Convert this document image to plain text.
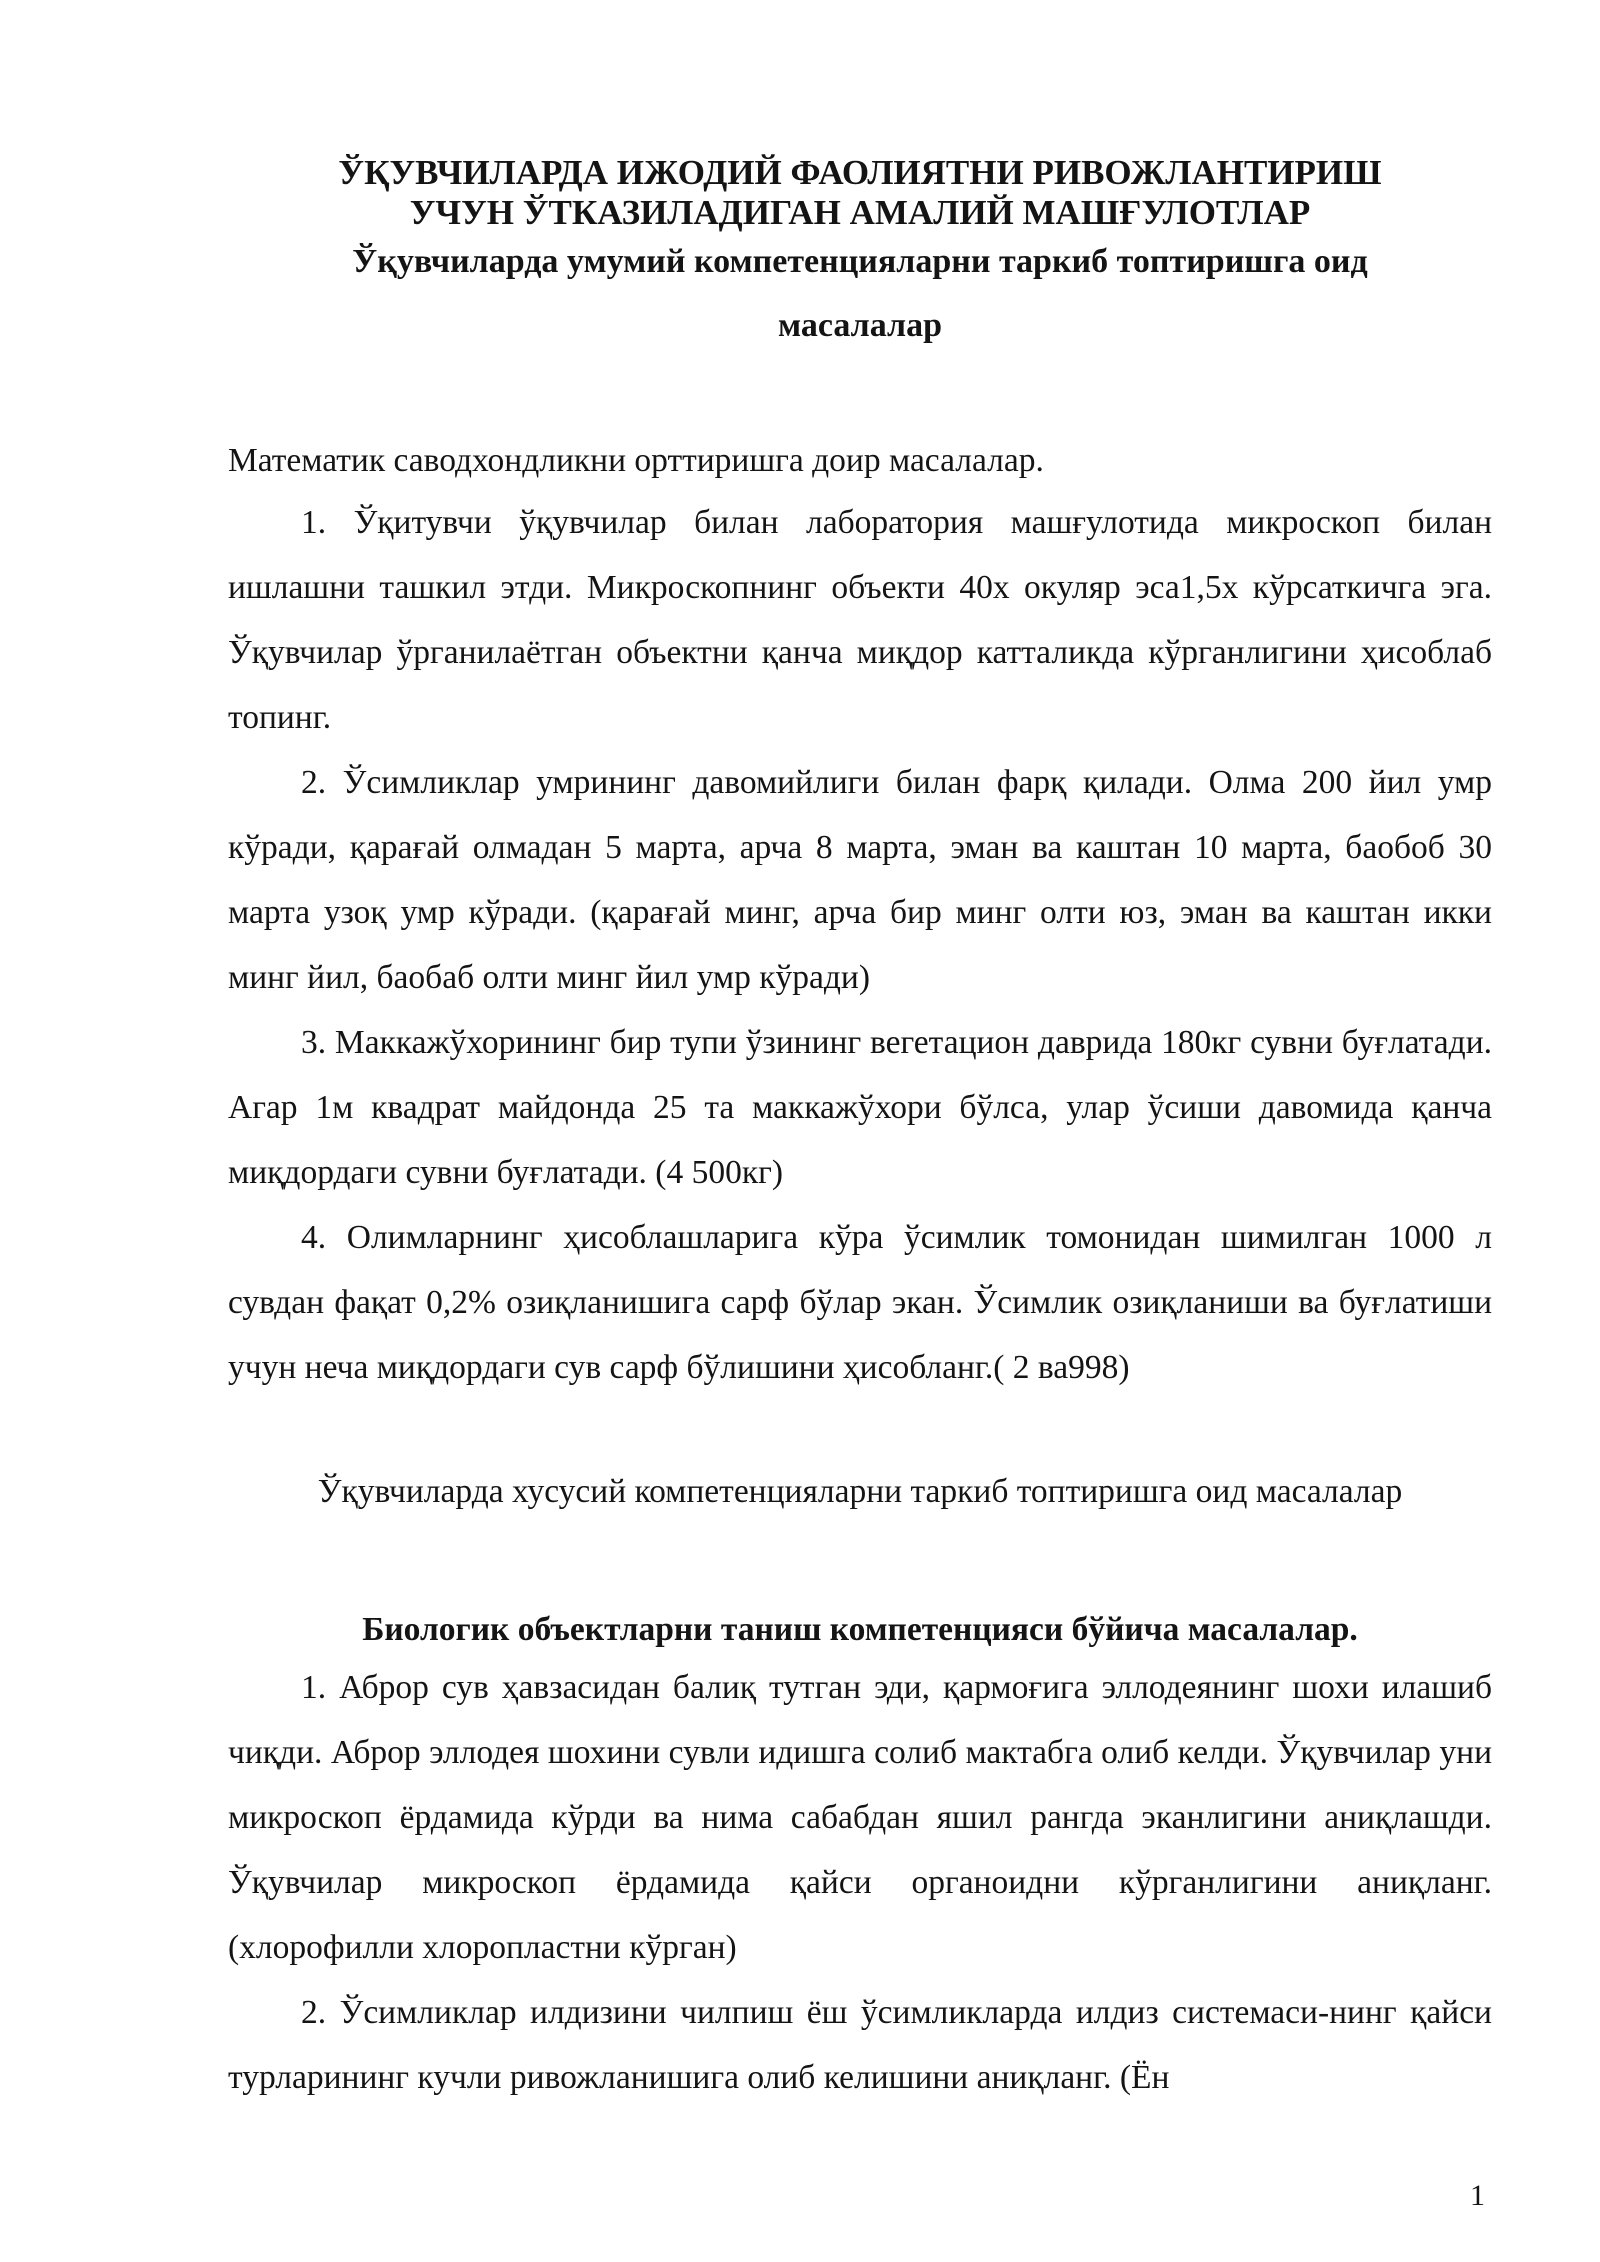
ЎҚУВЧИЛАРДА ИЖОДИЙ ФАОЛИЯТНИ РИВОЖЛАНТИРИШ
УЧУН ЎТКАЗИЛАДИГАН АМАЛИЙ МАШҒУЛОТЛАР
Ўқувчиларда умумий компетенцияларни таркиб топтиришга оид
масалалар
Математик саводхондликни орттиришга доир масалалар.

1. Ўқитувчи ўқувчилар билан лаборатория машғулотида микроскоп билан ишлашни ташкил этди. Микроскопнинг объекти 40х окуляр эса1,5х кўрсаткичга эга. Ўқувчилар ўрганилаётган объектни қанча миқдор катталикда кўрганлигини ҳисоблаб топинг.

2. Ўсимликлар умрининг давомийлиги билан фарқ қилади. Олма 200 йил умр кўради, қарағай олмадан 5 марта, арча 8 марта, эман ва каштан 10 марта, баобоб 30 марта узоқ умр кўради. (қарағай минг, арча бир минг олти юз, эман ва каштан икки минг йил, баобаб олти минг йил умр кўради)

3. Маккажўхорининг бир тупи ўзининг вегетацион даврида 180кг сувни буғлатади. Агар 1м квадрат майдонда 25 та маккажўхори бўлса, улар ўсиши давомида қанча миқдордаги сувни буғлатади. (4 500кг)

4. Олимларнинг ҳисоблашларига кўра ўсимлик томонидан шимилган 1000 л сувдан фақат 0,2% озиқланишига сарф бўлар экан. Ўсимлик озиқланиши ва буғлатиши учун неча миқдордаги сув сарф бўлишини ҳисобланг.( 2 ва998)

Ўқувчиларда хусусий компетенцияларни таркиб топтиришга оид масалалар
Биологик объектларни таниш компетенцияси бўйича масалалар.

1. Аброр сув ҳавзасидан балиқ тутган эди, қармоғига эллодеянинг шохи илашиб чиқди. Аброр эллодея шохини сувли идишга солиб мактабга олиб келди. Ўқувчилар уни микроскоп ёрдамида кўрди ва нима сабабдан яшил рангда эканлигини аниқлашди. Ўқувчилар микроскоп ёрдамида қайси органоидни кўрганлигини аниқланг. (хлорофилли хлоропластни кўрган)

2. Ўсимликлар илдизини чилпиш ёш ўсимликларда илдиз системаси-нинг қайси турларининг кучли ривожланишига олиб келишини аниқланг. (Ён

1
